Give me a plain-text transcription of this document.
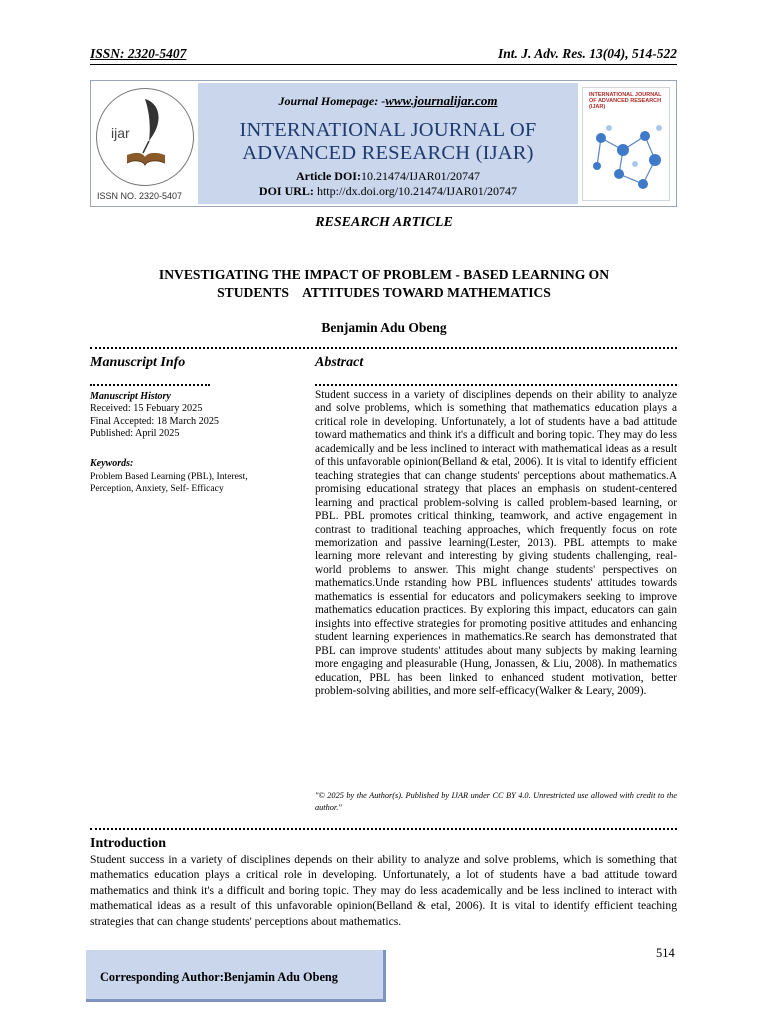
ISSN: 2320-5407	Int. J. Adv. Res. 13(04), 514-522
ijar
ISSN NO. 2320-5407
Journal Homepage: -www.journalijar.com
INTERNATIONAL JOURNAL OF
ADVANCED RESEARCH (IJAR)
Article DOI:10.21474/IJAR01/20747
DOI URL: http://dx.doi.org/10.21474/IJAR01/20747
INTERNATIONAL JOURNAL OF ADVANCED RESEARCH (IJAR)
RESEARCH ARTICLE
INVESTIGATING THE IMPACT OF PROBLEM - BASED LEARNING ON
STUDENTS  ATTITUDES TOWARD MATHEMATICS
Benjamin Adu Obeng
Manuscript Info
Manuscript History
Received: 15 Febuary 2025
Final Accepted: 18 March 2025
Published: April 2025
Keywords:
Problem Based Learning (PBL), Interest, Perception, Anxiety, Self- Efficacy
Abstract
Student success in a variety of disciplines depends on their ability to analyze and solve problems, which is something that mathematics education plays a critical role in developing. Unfortunately, a lot of students have a bad attitude toward mathematics and think it's a difficult and boring topic. They may do less academically and be less inclined to interact with mathematical ideas as a result of this unfavorable opinion(Belland & etal, 2006). It is vital to identify efficient teaching strategies that can change students' perceptions about mathematics.A promising educational strategy that places an emphasis on student-centered learning and practical problem-solving is called problem-based learning, or PBL. PBL promotes critical thinking, teamwork, and active engagement in contrast to traditional teaching approaches, which frequently focus on rote memorization and passive learning(Lester, 2013). PBL attempts to make learning more relevant and interesting by giving students challenging, real-world problems to answer. This might change students' perspectives on mathematics.Unde rstanding how PBL influences students' attitudes towards mathematics is essential for educators and policymakers seeking to improve mathematics education practices. By exploring this impact, educators can gain insights into effective strategies for promoting positive attitudes and enhancing student learning experiences in mathematics.Re search has demonstrated that PBL can improve students' attitudes about many subjects by making learning more engaging and pleasurable (Hung, Jonassen, & Liu, 2008). In mathematics education, PBL has been linked to enhanced student motivation, better problem-solving abilities, and more self-efficacy(Walker & Leary, 2009).
"© 2025 by the Author(s). Published by IJAR under CC BY 4.0. Unrestricted use allowed with credit to the author."
Introduction
Student success in a variety of disciplines depends on their ability to analyze and solve problems, which is something that mathematics education plays a critical role in developing. Unfortunately, a lot of students have a bad attitude toward mathematics and think it's a difficult and boring topic. They may do less academically and be less inclined to interact with mathematical ideas as a result of this unfavorable opinion(Belland & etal, 2006). It is vital to identify efficient teaching strategies that can change students' perceptions about mathematics.
514
Corresponding Author:Benjamin Adu Obeng
